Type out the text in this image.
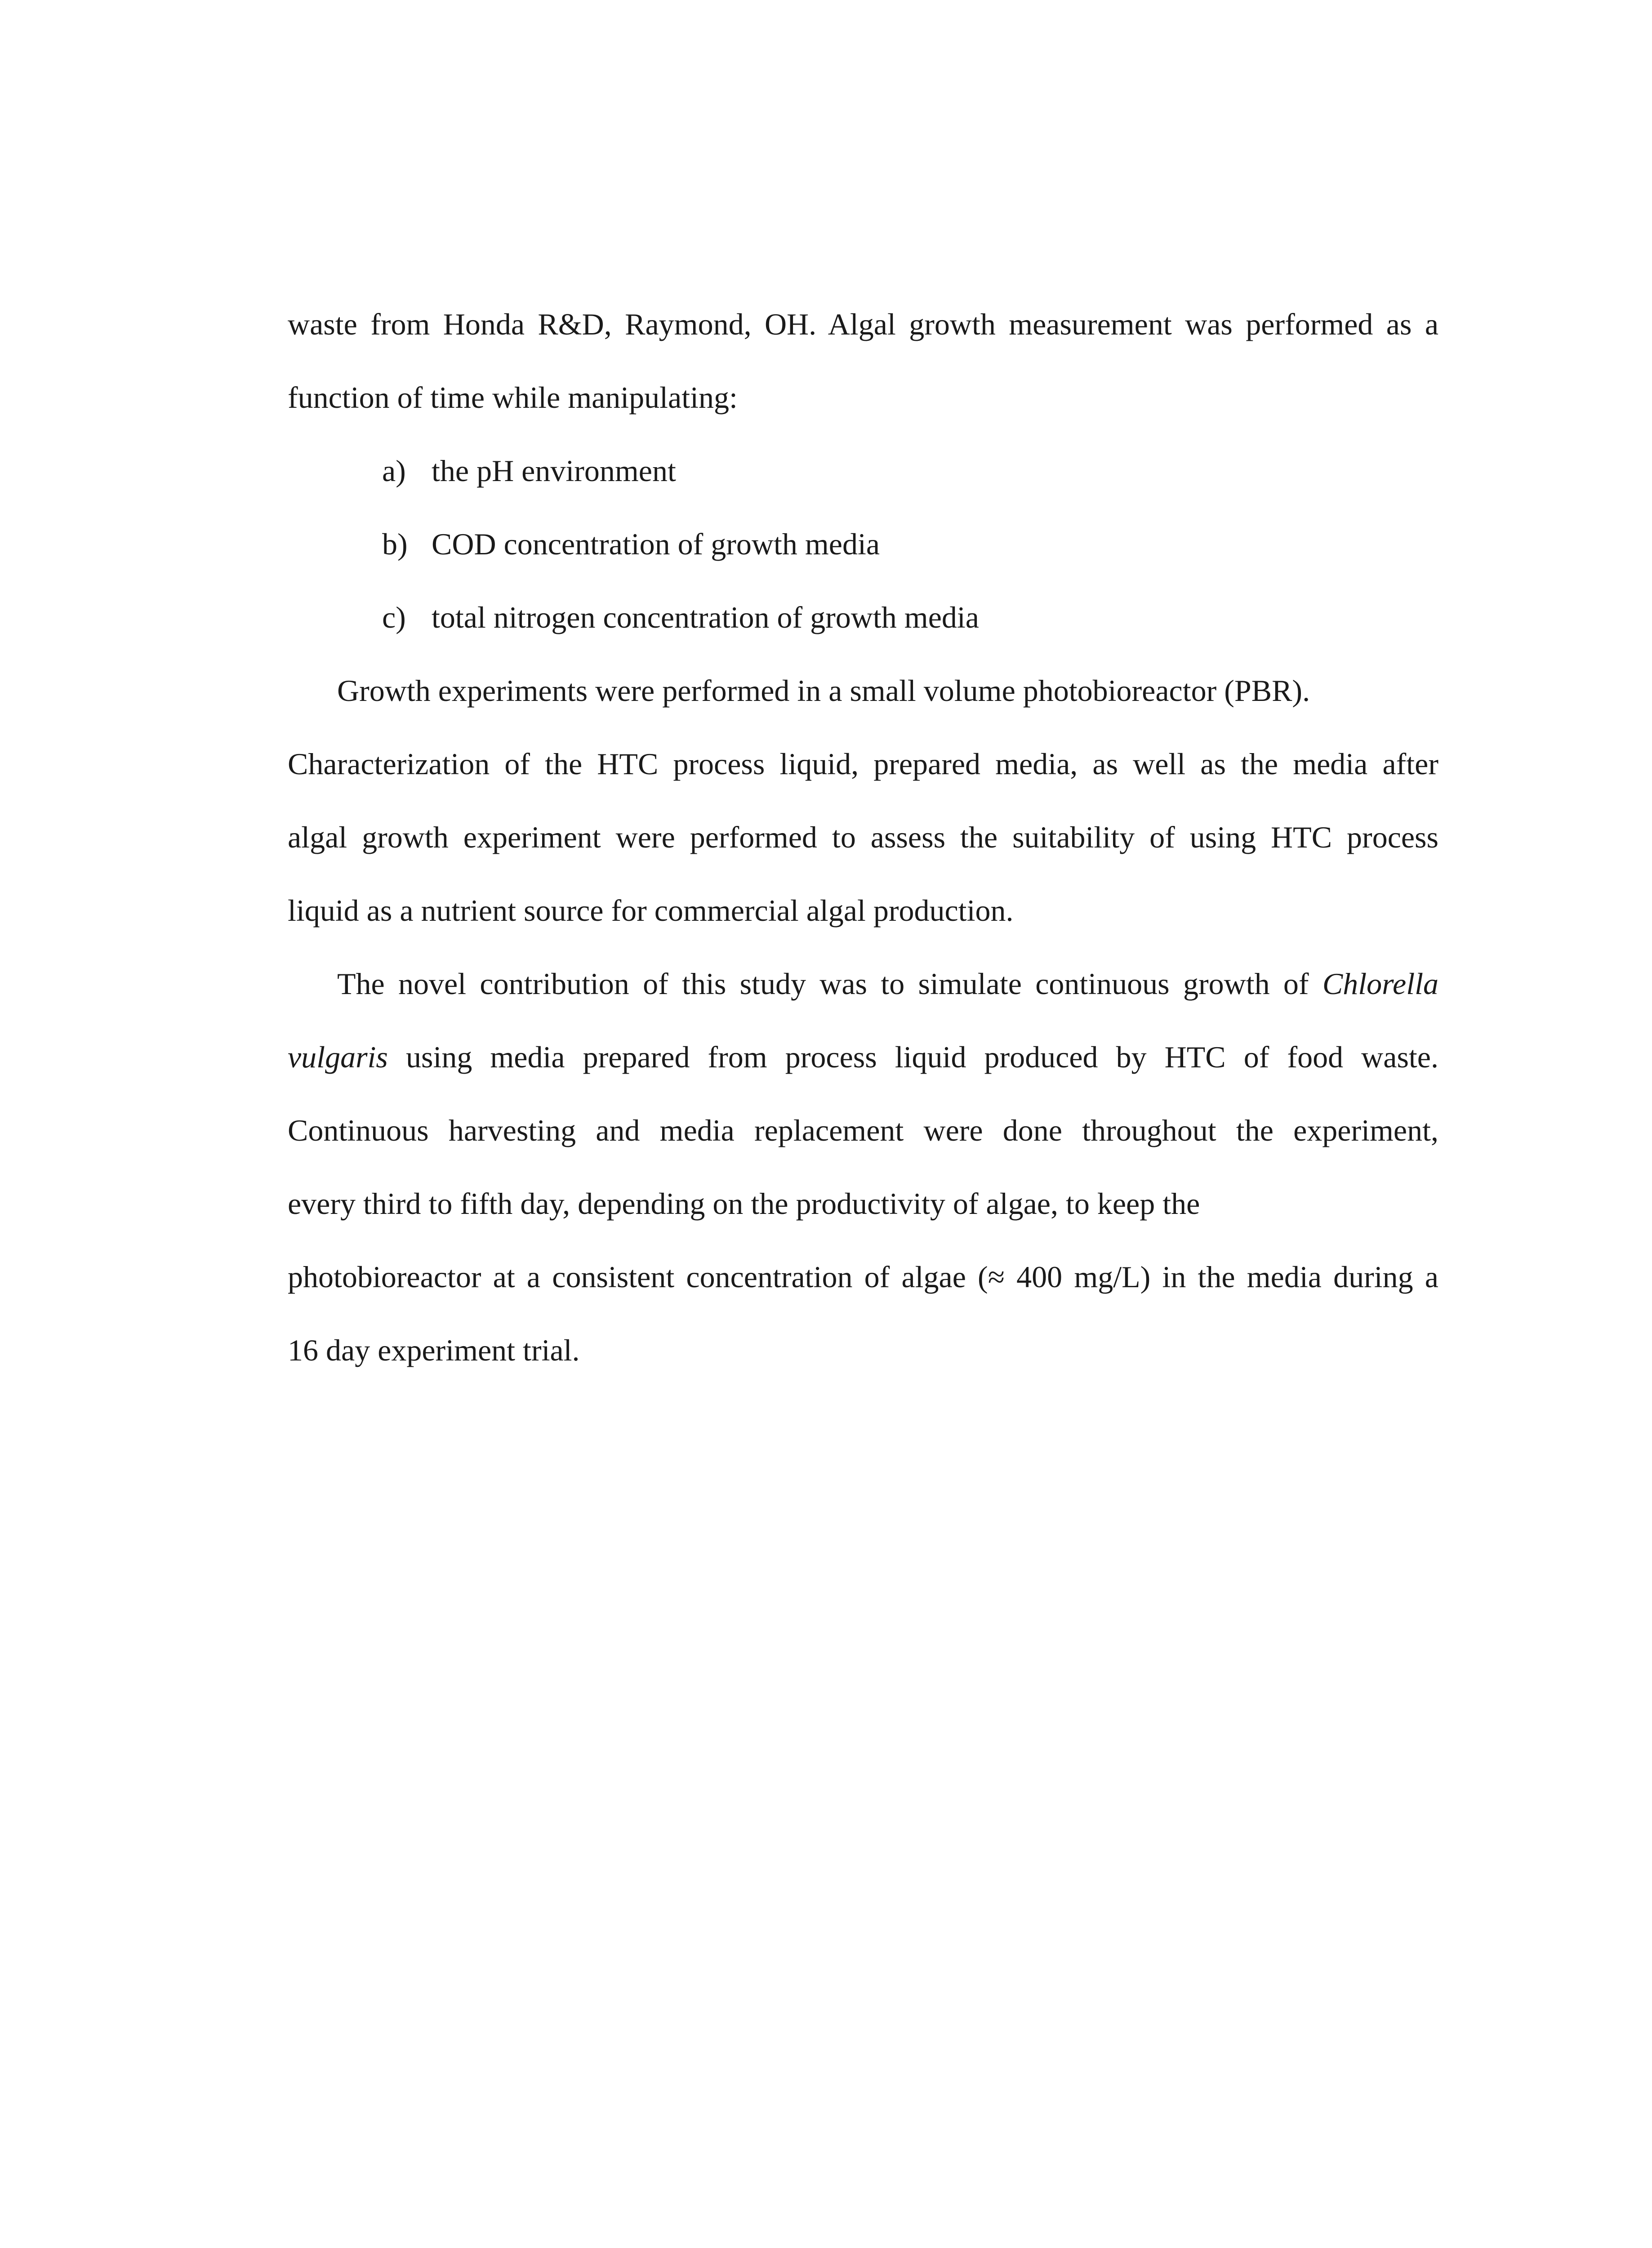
waste from Honda R&D, Raymond, OH. Algal growth measurement was performed as a
function of time while manipulating:
a) the pH environment
b) COD concentration of growth media
c) total nitrogen concentration of growth media
Growth experiments were performed in a small volume photobioreactor (PBR).
Characterization of the HTC process liquid, prepared media, as well as the media after
algal growth experiment were performed to assess the suitability of using HTC process
liquid as a nutrient source for commercial algal production.
The novel contribution of this study was to simulate continuous growth of Chlorella
vulgaris using media prepared from process liquid produced by HTC of food waste.
Continuous harvesting and media replacement were done throughout the experiment,
every third to fifth day, depending on the productivity of algae, to keep the
photobioreactor at a consistent concentration of algae (≈ 400 mg/L) in the media during a
16 day experiment trial.
